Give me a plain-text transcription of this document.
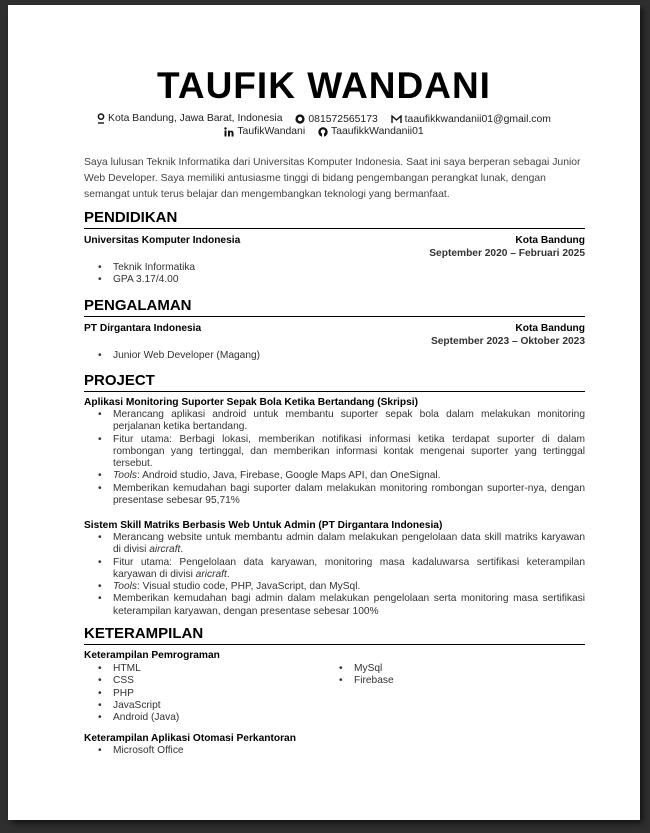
TAUFIK WANDANI
Kota Bandung, Jawa Barat, Indonesia
081572565173
	taaufikkwandanii01@gmail.com
TaufikWandani
TaaufikkWandanii01

Saya lulusan Teknik Informatika dari Universitas Komputer Indonesia. Saat ini saya berperan sebagai Junior Web Developer. Saya memiliki antusiasme tinggi di bidang pengembangan perangkat lunak, dengan semangat untuk terus belajar dan mengembangkan teknologi yang bermanfaat.

PENDIDIKAN
Universitas Komputer Indonesia	Kota Bandung
September 2020 – Februari 2025
• Teknik Informatika
• GPA 3.17/4.00
PENGALAMAN
PT Dirgantara Indonesia	Kota Bandung
September 2023 – Oktober 2023
• Junior Web Developer (Magang)
PROJECT
Aplikasi Monitoring Suporter Sepak Bola Ketika Bertandang (Skripsi)
• Merancang aplikasi android untuk membantu suporter sepak bola dalam melakukan monitoring perjalanan ketika bertandang.
• Fitur utama: Berbagi lokasi, memberikan notifikasi informasi ketika terdapat suporter di dalam rombongan yang tertinggal, dan memberikan informasi kontak mengenai suporter yang tertinggal tersebut.
• Tools: Android studio, Java, Firebase, Google Maps API, dan OneSignal.
• Memberikan kemudahan bagi suporter dalam melakukan monitoring rombongan suporter-nya, dengan presentase sebesar 95,71%
Sistem Skill Matriks Berbasis Web Untuk Admin (PT Dirgantara Indonesia)
• Merancang website untuk membantu admin dalam melakukan pengelolaan data skill matriks karyawan di divisi aircraft.
• Fitur utama: Pengelolaan data karyawan, monitoring masa kadaluwarsa sertifikasi keterampilan karyawan di divisi aricraft.
• Tools: Visual studio code, PHP, JavaScript, dan MySql.
• Memberikan kemudahan bagi admin dalam melakukan pengelolaan serta monitoring masa sertifikasi keterampilan karyawan, dengan presentase sebesar 100%
KETERAMPILAN
Keterampilan Pemrograman
• HTML
• CSS
• PHP
• JavaScript
• Android (Java)
• MySql
• Firebase
Keterampilan Aplikasi Otomasi Perkantoran
• Microsoft Office
